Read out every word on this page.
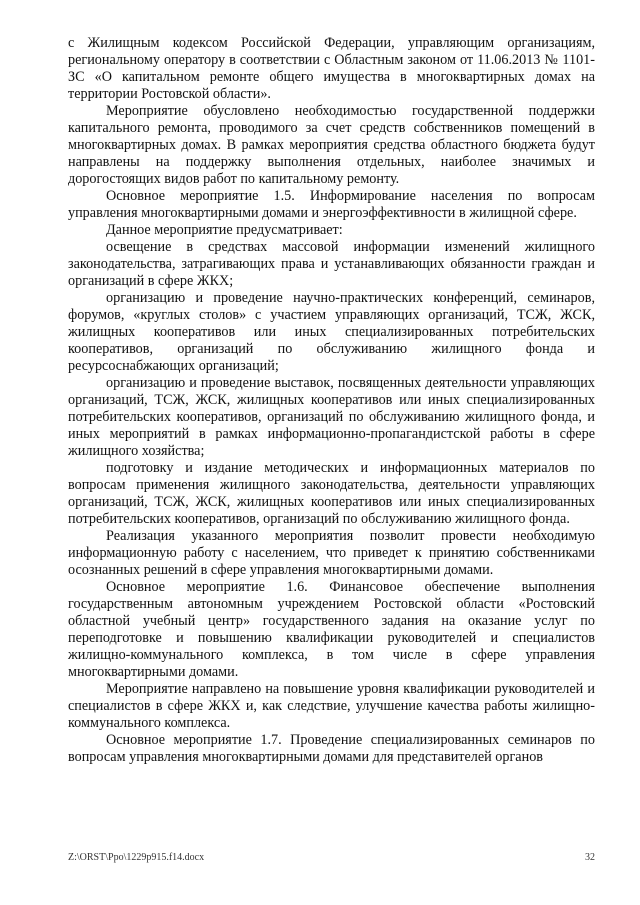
с Жилищным кодексом Российской Федерации, управляющим организациям, региональному оператору в соответствии с Областным законом от 11.06.2013 № 1101-ЗС «О капитальном ремонте общего имущества в многоквартирных домах на территории Ростовской области».

Мероприятие обусловлено необходимостью государственной поддержки капитального ремонта, проводимого за счет средств собственников помещений в многоквартирных домах. В рамках мероприятия средства областного бюджета будут направлены на поддержку выполнения отдельных, наиболее значимых и дорогостоящих видов работ по капитальному ремонту.

Основное мероприятие 1.5. Информирование населения по вопросам управления многоквартирными домами и энергоэффективности в жилищной сфере.

Данное мероприятие предусматривает:

освещение в средствах массовой информации изменений жилищного законодательства, затрагивающих права и устанавливающих обязанности граждан и организаций в сфере ЖКХ;

организацию и проведение научно-практических конференций, семинаров, форумов, «круглых столов» с участием управляющих организаций, ТСЖ, ЖСК, жилищных кооперативов или иных специализированных потребительских кооперативов, организаций по обслуживанию жилищного фонда и ресурсоснабжающих организаций;

организацию и проведение выставок, посвященных деятельности управляющих организаций, ТСЖ, ЖСК, жилищных кооперативов или иных специализированных потребительских кооперативов, организаций по обслуживанию жилищного фонда, и иных мероприятий в рамках информационно-пропагандистской работы в сфере жилищного хозяйства;

подготовку и издание методических и информационных материалов по вопросам применения жилищного законодательства, деятельности управляющих организаций, ТСЖ, ЖСК, жилищных кооперативов или иных специализированных потребительских кооперативов, организаций по обслуживанию жилищного фонда.

Реализация указанного мероприятия позволит провести необходимую информационную работу с населением, что приведет к принятию собственниками осознанных решений в сфере управления многоквартирными домами.

Основное мероприятие 1.6. Финансовое обеспечение выполнения государственным автономным учреждением Ростовской области «Ростовский областной учебный центр» государственного задания на оказание услуг по переподготовке и повышению квалификации руководителей и специалистов жилищно-коммунального комплекса, в том числе в сфере управления многоквартирными домами.

Мероприятие направлено на повышение уровня квалификации руководителей и специалистов в сфере ЖКХ и, как следствие, улучшение качества работы жилищно-коммунального комплекса.

Основное мероприятие 1.7. Проведение специализированных семинаров по вопросам управления многоквартирными домами для представителей органов

Z:\ORST\Ppo\1229p915.f14.docx	32
